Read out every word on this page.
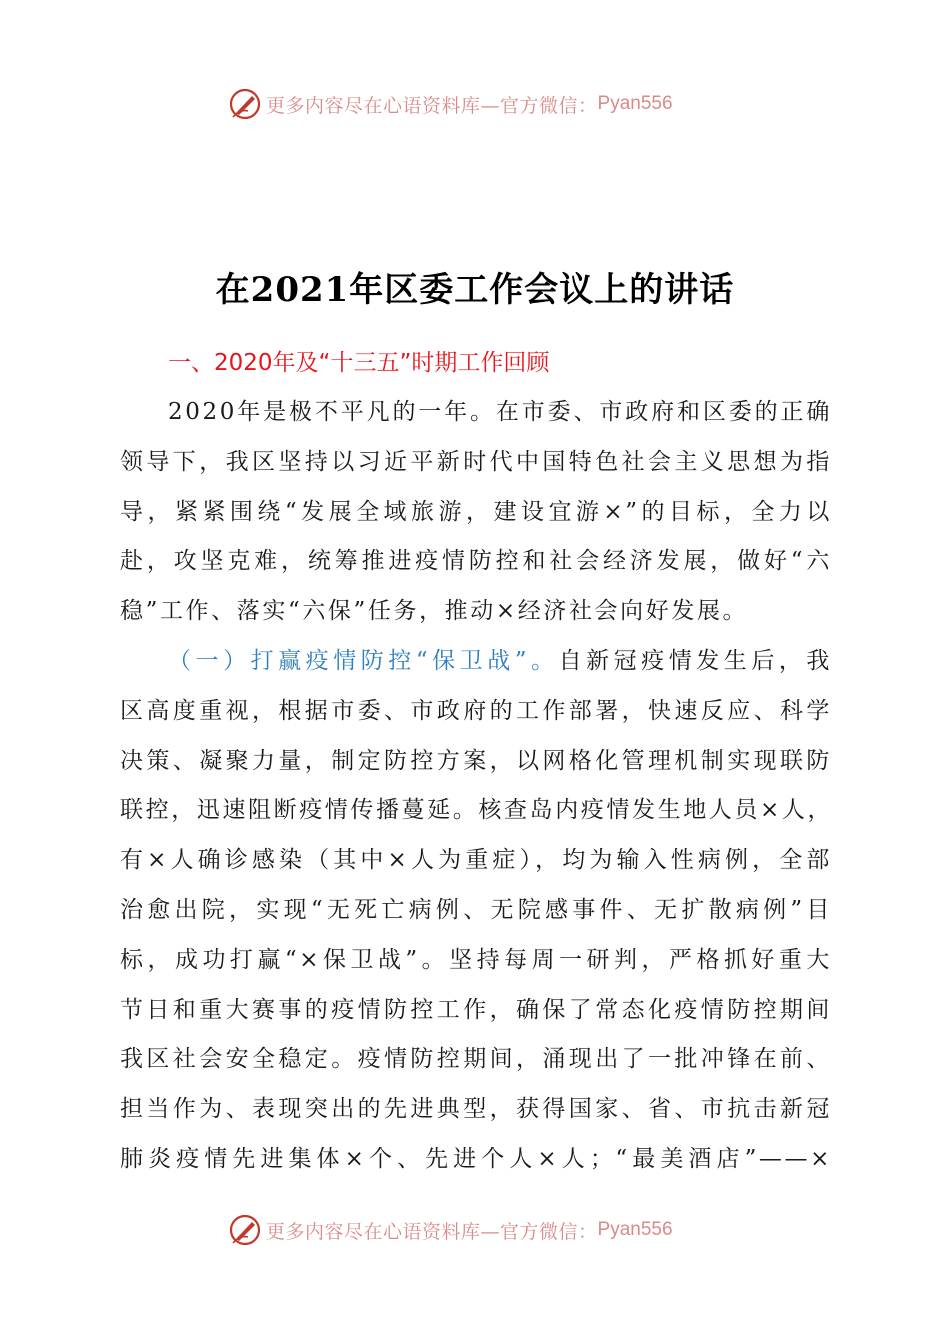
更多内容尽在心语资料库—官方微信： Pyan556
在2021年区委工作会议上的讲话
一、2020年及“十三五”时期工作回顾
2020年是极不平凡的一年。在市委、市政府和区委的正确
领导下，我区坚持以习近平新时代中国特色社会主义思想为指
导，紧紧围绕“发展全域旅游，建设宜游×”的目标，全力以
赴，攻坚克难，统筹推进疫情防控和社会经济发展，做好“六
稳”工作、落实“六保”任务，推动×经济社会向好发展。
（一）打赢疫情防控“保卫战”。自新冠疫情发生后，我
区高度重视，根据市委、市政府的工作部署，快速反应、科学
决策、凝聚力量，制定防控方案，以网格化管理机制实现联防
联控，迅速阻断疫情传播蔓延。核查岛内疫情发生地人员×人，
有×人确诊感染（其中×人为重症），均为输入性病例，全部
治愈出院，实现“无死亡病例、无院感事件、无扩散病例”目
标，成功打赢“×保卫战”。坚持每周一研判，严格抓好重大
节日和重大赛事的疫情防控工作，确保了常态化疫情防控期间
我区社会安全稳定。疫情防控期间，涌现出了一批冲锋在前、
担当作为、表现突出的先进典型，获得国家、省、市抗击新冠
肺炎疫情先进集体×个、先进个人×人；“最美酒店”——×
更多内容尽在心语资料库—官方微信： Pyan556
